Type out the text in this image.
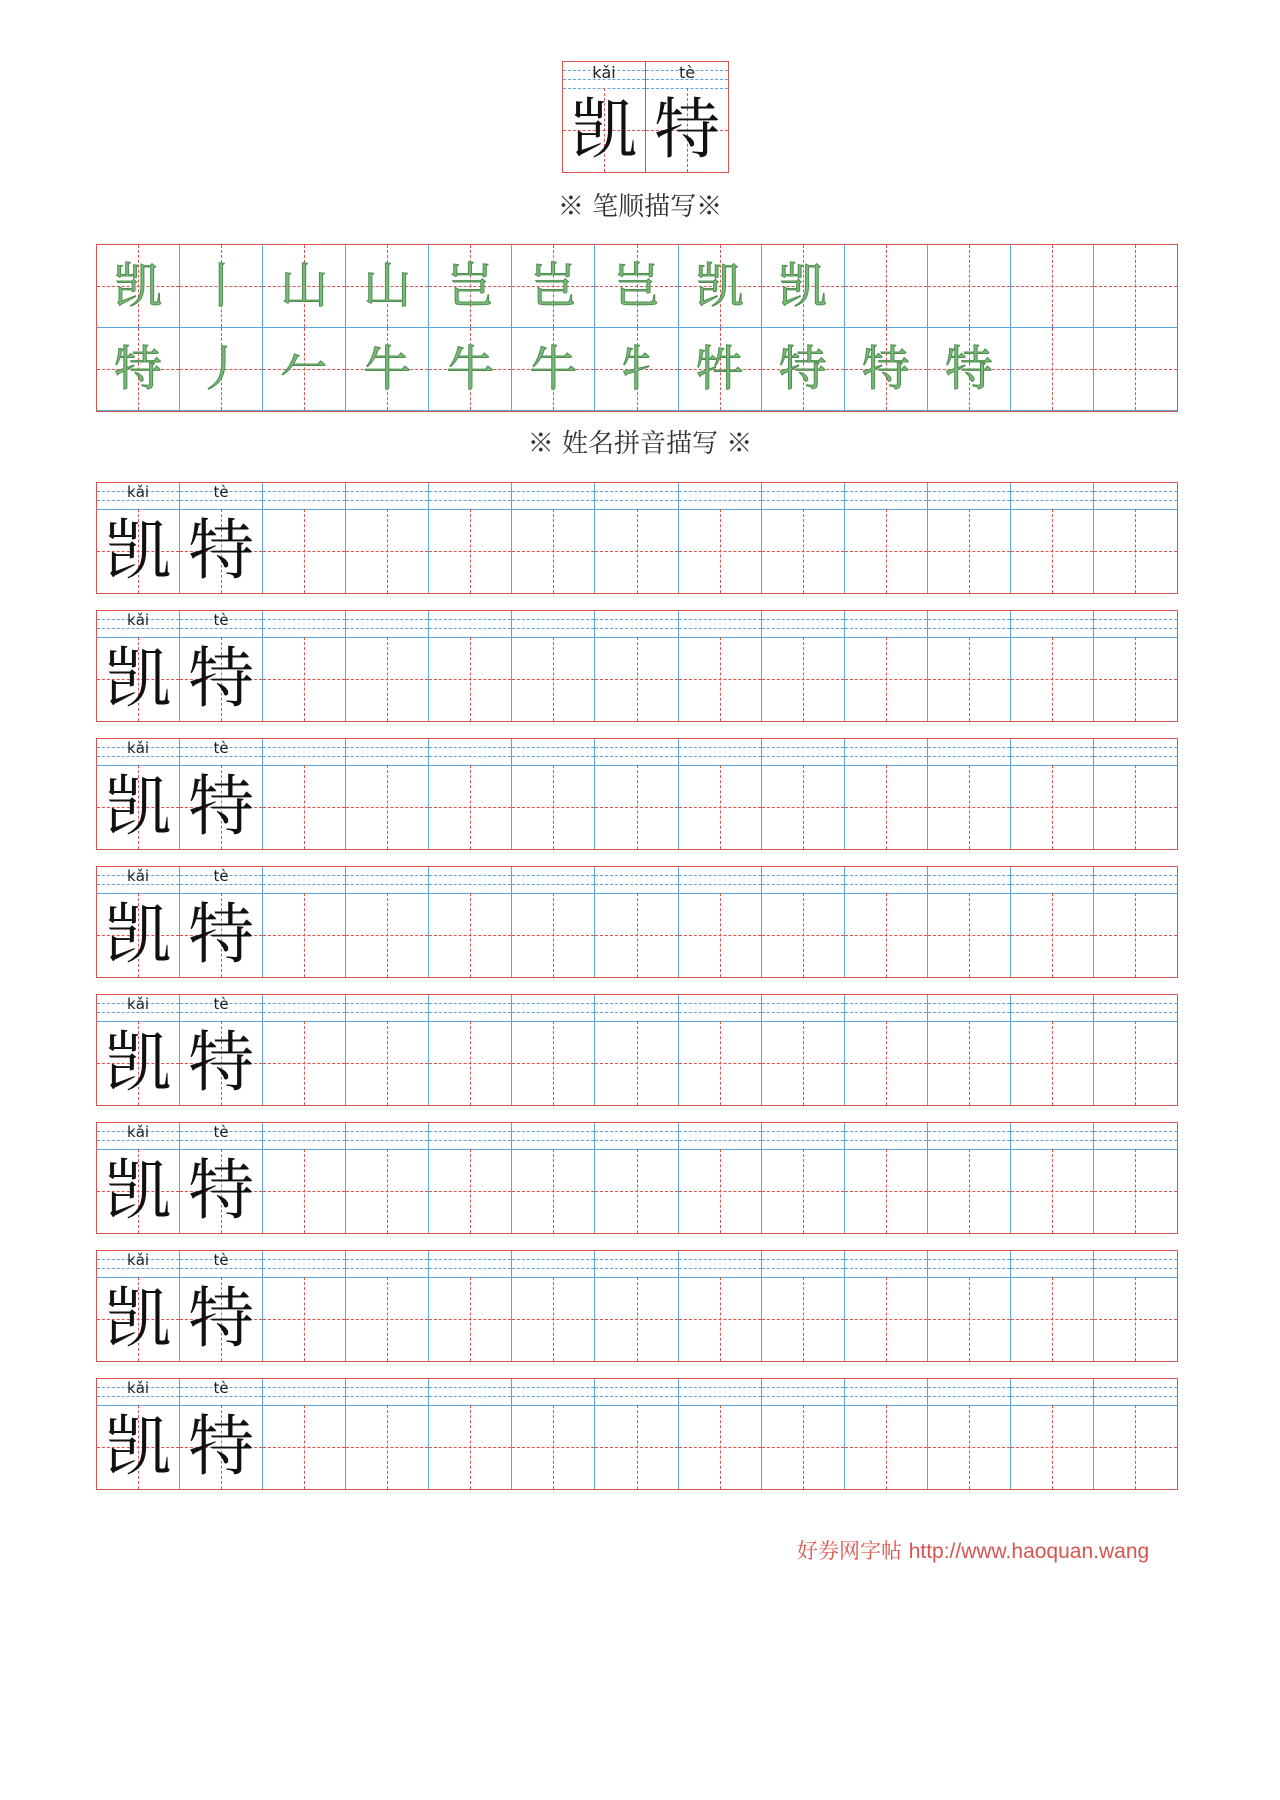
kǎi
凯
tè
特
※ 笔顺描写※
凯 丨 山 山 岂 岂 岂 凯 凯
特 丿 𠂉 牛 牛 牛 牜 牪 特 特 特
※ 姓名拼音描写 ※
kǎi
凯
tè
特
kǎi
凯
tè
特
kǎi
凯
tè
特
kǎi
凯
tè
特
kǎi
凯
tè
特
kǎi
凯
tè
特
kǎi
凯
tè
特
kǎi
凯
tè
特
好券网字帖 http://www.haoquan.wang
